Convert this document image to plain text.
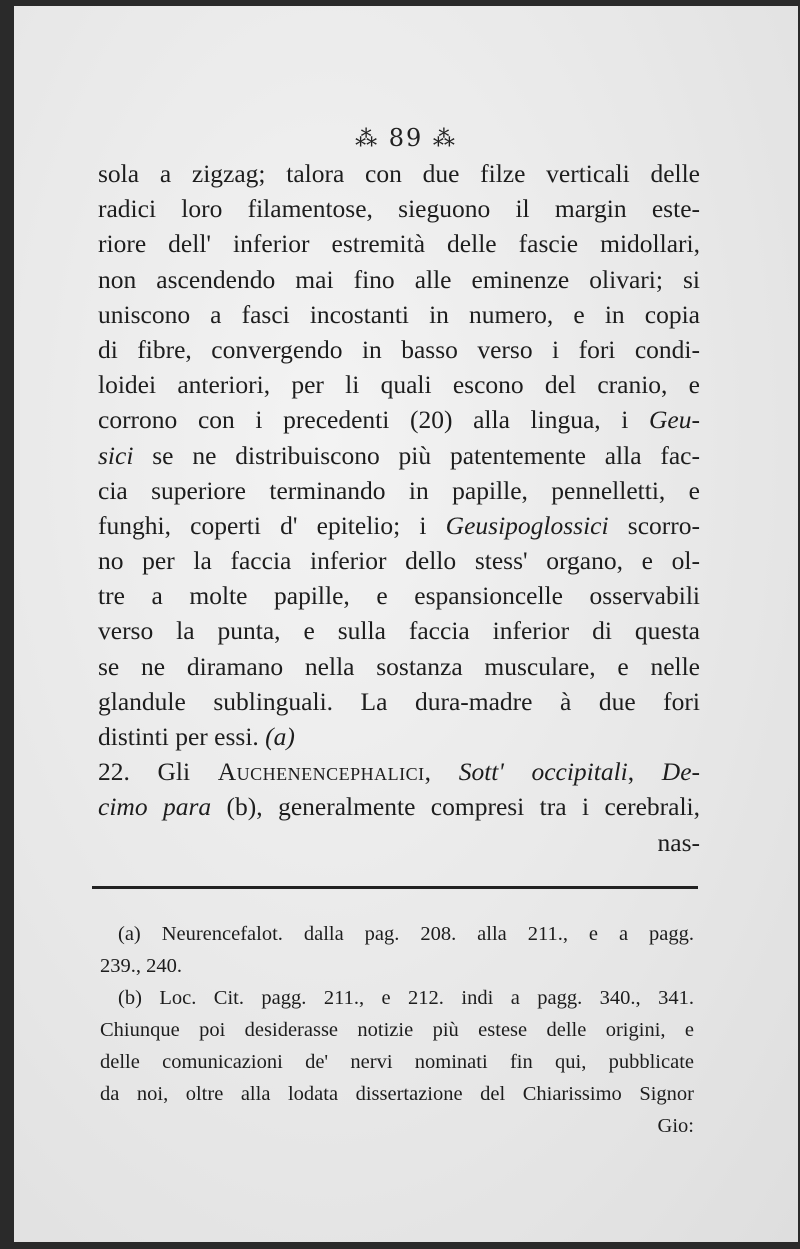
⁂ 89 ⁂
sola a zigzag; talora con due filze verticali delle
radici loro filamentose, sieguono il margin este-
riore dell' inferior estremità delle fascie midollari,
non ascendendo mai fino alle eminenze olivari; si
uniscono a fasci incostanti in numero, e in copia
di fibre, convergendo in basso verso i fori condi-
loidei anteriori, per li quali escono del cranio, e
corrono con i precedenti (20) alla lingua, i Geu-
sici se ne distribuiscono più patentemente alla fac-
cia superiore terminando in papille, pennelletti, e
funghi, coperti d' epitelio; i Geusipoglossici scorro-
no per la faccia inferior dello stess' organo, e ol-
tre a molte papille, e espansioncelle osservabili
verso la punta, e sulla faccia inferior di questa
se ne diramano nella sostanza musculare, e nelle
glandule sublinguali. La dura-madre à due fori
distinti per essi. (a)
22. Gli Auchenencephalici, Sott' occipitali, De-
cimo para (b), generalmente compresi tra i cerebrali,
nas-
(a) Neurencefalot. dalla pag. 208. alla 211., e a pagg.
239., 240.
(b) Loc. Cit. pagg. 211., e 212. indi a pagg. 340., 341.
Chiunque poi desiderasse notizie più estese delle origini, e
delle comunicazioni de' nervi nominati fin qui, pubblicate
da noi, oltre alla lodata dissertazione del Chiarissimo Signor
Gio:
